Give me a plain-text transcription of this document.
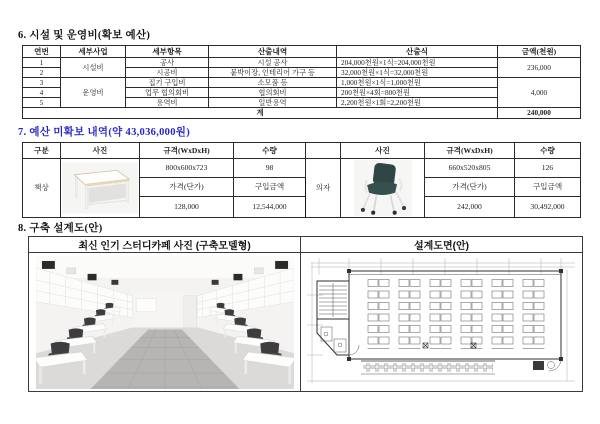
6. 시설 및 운영비(확보 예산)
연번	세부사업	세부항목	산출내역	산출식	금액(천원)
1	시설비	공사	시설 공사	204,000천원×1식=204,000천원	236,000
2		시공비	붙박이장, 인테리어 가구 등	32,000천원×1식=32,000천원	
3	운영비	집기 구입비	소모품 등	1,000천원×1식=1,000천원	4,000
4		업무 협의회비	협의회비	200천원×4회=800천원	
5		용역비	일반용역	2,200천원×1회=2,200천원	
계					240,000
7. 예산 미확보 내역(약 43,036,000원)
구분	사진	규격(WxDxH)	수량		사진	규격(WxDxH)	수량
책상		800x600x723	98	의자		660x520x805	126
		가격(단가)	구입금액			가격(단가)	구입금액
		128,000	12,544,000			242,000	30,492,000
8. 구축 설계도(안)
최신 인기 스터디카페 사진 (구축모델형)	설계도면(안)
